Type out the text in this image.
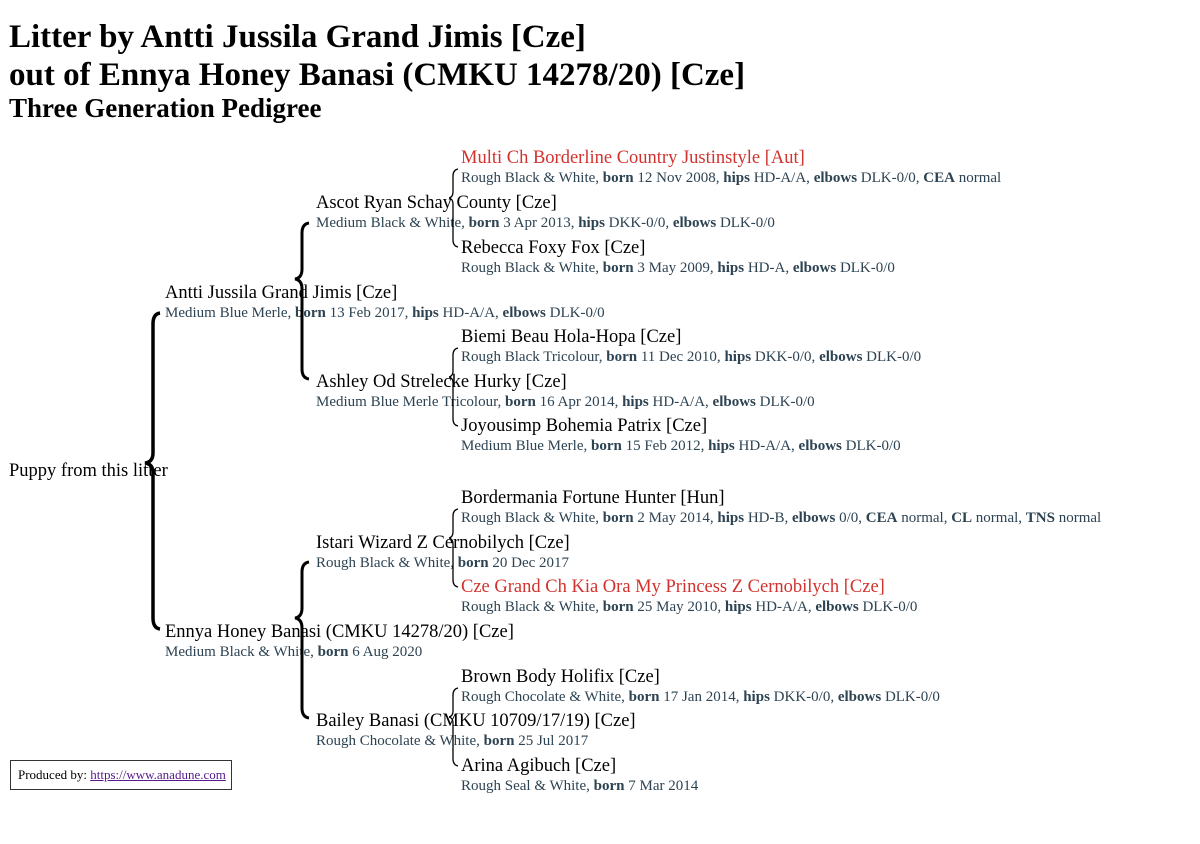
Litter by Antti Jussila Grand Jimis [Cze]
out of Ennya Honey Banasi (CMKU 14278/20) [Cze]
Three Generation Pedigree
Multi Ch Borderline Country Justinstyle [Aut]
Rough Black & White, born 12 Nov 2008, hips HD-A/A, elbows DLK-0/0, CEA normal
Ascot Ryan Schay County [Cze]
Medium Black & White, born 3 Apr 2013, hips DKK-0/0, elbows DLK-0/0
Rebecca Foxy Fox [Cze]
Rough Black & White, born 3 May 2009, hips HD-A, elbows DLK-0/0
Antti Jussila Grand Jimis [Cze]
Medium Blue Merle, born 13 Feb 2017, hips HD-A/A, elbows DLK-0/0
Biemi Beau Hola-Hopa [Cze]
Rough Black Tricolour, born 11 Dec 2010, hips DKK-0/0, elbows DLK-0/0
Ashley Od Strelecke Hurky [Cze]
Medium Blue Merle Tricolour, born 16 Apr 2014, hips HD-A/A, elbows DLK-0/0
Joyousimp Bohemia Patrix [Cze]
Medium Blue Merle, born 15 Feb 2012, hips HD-A/A, elbows DLK-0/0
Puppy from this litter
Bordermania Fortune Hunter [Hun]
Rough Black & White, born 2 May 2014, hips HD-B, elbows 0/0, CEA normal, CL normal, TNS normal
Istari Wizard Z Cernobilych [Cze]
Rough Black & White, born 20 Dec 2017
Cze Grand Ch Kia Ora My Princess Z Cernobilych [Cze]
Rough Black & White, born 25 May 2010, hips HD-A/A, elbows DLK-0/0
Ennya Honey Banasi (CMKU 14278/20) [Cze]
Medium Black & White, born 6 Aug 2020
Brown Body Holifix [Cze]
Rough Chocolate & White, born 17 Jan 2014, hips DKK-0/0, elbows DLK-0/0
Bailey Banasi (CMKU 10709/17/19) [Cze]
Rough Chocolate & White, born 25 Jul 2017
Arina Agibuch [Cze]
Rough Seal & White, born 7 Mar 2014
Produced by: https://www.anadune.com
